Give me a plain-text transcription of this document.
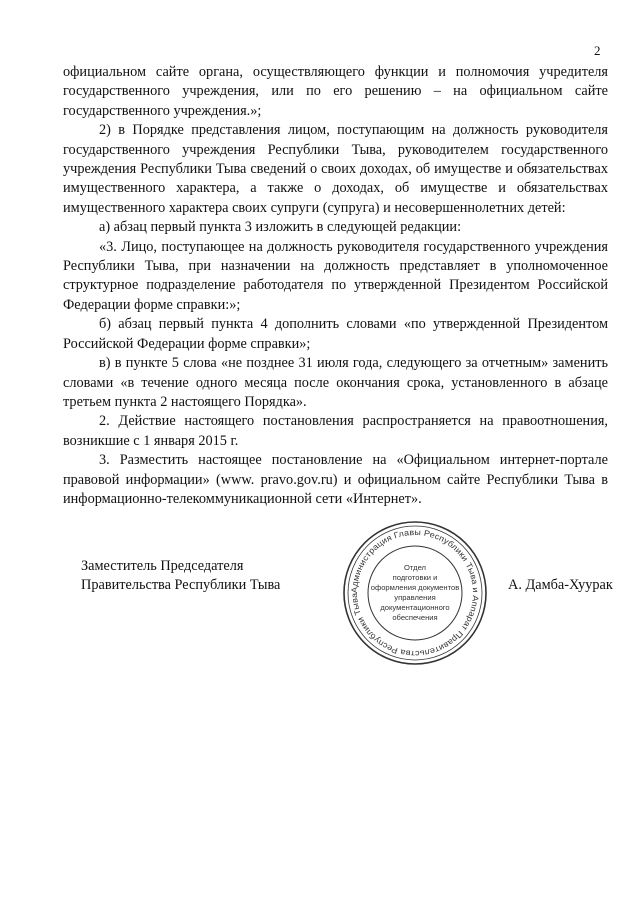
2

официальном сайте органа, осуществляющего функции и полномочия учредителя государственного учреждения, или по его решению – на официальном сайте государственного учреждения.»;

2) в Порядке представления лицом, поступающим на должность руководителя государственного учреждения Республики Тыва, руководителем государственного учреждения Республики Тыва сведений о своих доходах, об имуществе и обязательствах имущественного характера, а также о доходах, об имуществе и обязательствах имущественного характера своих супруги (супруга) и несовершеннолетних детей:

а) абзац первый пункта 3 изложить в следующей редакции:

«3. Лицо, поступающее на должность руководителя государственного учреждения Республики Тыва, при назначении на должность представляет в уполномоченное структурное подразделение работодателя по утвержденной Президентом Российской Федерации форме справки:»;

б) абзац первый пункта 4 дополнить словами «по утвержденной Президентом Российской Федерации форме справки»;

в) в пункте 5 слова «не позднее 31 июля года, следующего за отчетным» заменить словами «в течение одного месяца после окончания срока, установленного в абзаце третьем пункта 2 настоящего Порядка».

2. Действие настоящего постановления распространяется на правоотношения, возникшие с 1 января 2015 г.

3. Разместить настоящее постановление на «Официальном интернет-портале правовой информации» (www. pravo.gov.ru) и официальном сайте Республики Тыва в информационно-телекоммуникационной сети «Интернет».

Заместитель Председателя
Правительства Республики Тыва	Администрация Главы Республики Тыва и Аппарат Правительства Республики Тыва
Отдел
подготовки и
оформления документов
управления
документационного
обеспечения
А. Дамба-Хуурак
